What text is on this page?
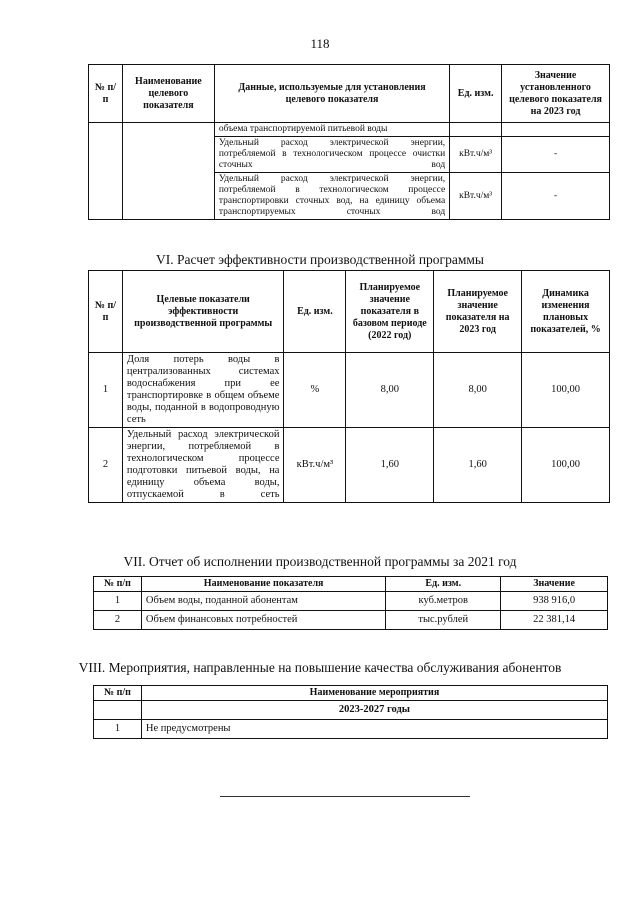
118
№ п/п	Наименование целевого показателя	Данные, используемые для установления целевого показателя	Ед. изм.	Значение установленного целевого показателя на 2023 год
		объема транспортируемой питьевой воды		
		Удельный расход электрической энергии, потребляемой в технологическом процессе очистки сточных вод	кВт.ч/м³	-
		Удельный расход электрической энергии, потребляемой в технологическом процессе транспортировки сточных вод, на единицу объема транспортируемых сточных вод	кВт.ч/м³	-
VI. Расчет эффективности производственной программы
№ п/п	Целевые показатели эффективности производственной программы	Ед. изм.	Планируемое значение показателя в базовом периоде (2022 год)	Планируемое значение показателя на 2023 год	Динамика изменения плановых показателей, %
1	Доля потерь воды в централизованных системах водоснабжения при ее транспортировке в общем объеме воды, поданной в водопроводную сеть	%	8,00	8,00	100,00
2	Удельный расход электрической энергии, потребляемой в технологическом процессе подготовки питьевой воды, на единицу объема воды, отпускаемой в сеть	кВт.ч/м³	1,60	1,60	100,00
VII. Отчет об исполнении производственной программы за 2021 год
№ п/п	Наименование показателя	Ед. изм.	Значение
1	Объем воды, поданной абонентам	куб.метров	938 916,0
2	Объем финансовых потребностей	тыс.рублей	22 381,14
VIII. Мероприятия, направленные на повышение качества обслуживания абонентов
№ п/п	Наименование мероприятия
	2023-2027 годы
1	Не предусмотрены
